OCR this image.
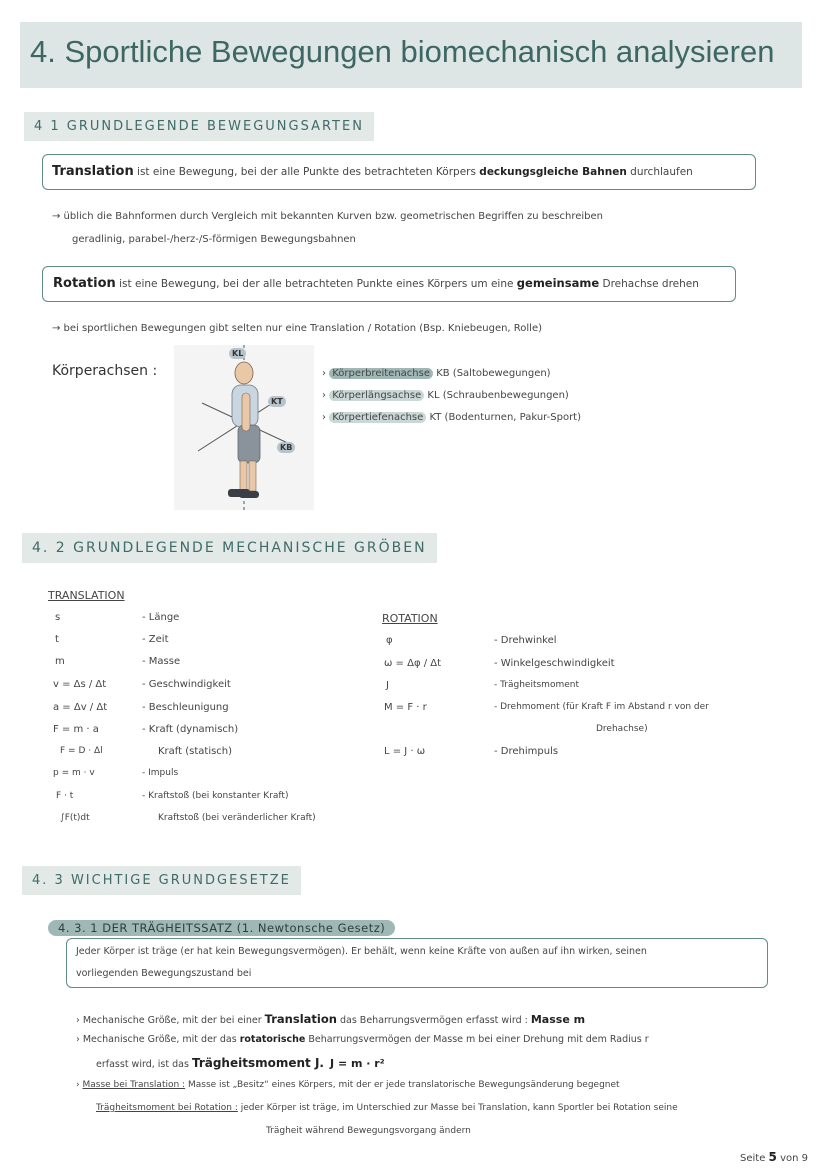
4. Sportliche Bewegungen biomechanisch analysieren
4 1 GRUNDLEGENDE BEWEGUNGSARTEN
Translation ist eine Bewegung, bei der alle Punkte des betrachteten Körpers deckungsgleiche Bahnen durchlaufen
→ üblich die Bahnformen durch Vergleich mit bekannten Kurven bzw. geometrischen Begriffen zu beschreiben
geradlinig, parabel-/herz-/S-förmigen Bewegungsbahnen
Rotation ist eine Bewegung, bei der alle betrachteten Punkte eines Körpers um eine gemeinsame Drehachse drehen
→ bei sportlichen Bewegungen gibt selten nur eine Translation / Rotation (Bsp. Kniebeugen, Rolle)
Körperachsen :
KL
KT
KB
› Körperbreitenachse KB (Saltobewegungen)
› Körperlängsachse KL (Schraubenbewegungen)
› Körpertiefenachse KT (Bodenturnen, Pakur-Sport)
4. 2 GRUNDLEGENDE MECHANISCHE GRÖBEN
TRANSLATION
s	- Länge
t	- Zeit
m	- Masse
v = Δs / Δt	- Geschwindigkeit
a = Δv / Δt	- Beschleunigung
F = m · a	- Kraft (dynamisch)
F = D · Δl	Kraft (statisch)
p = m · v	- Impuls
F · t	- Kraftstoß (bei konstanter Kraft)
∫F(t)dt	Kraftstoß (bei veränderlicher Kraft)
ROTATION
φ	- Drehwinkel
ω = Δφ / Δt	- Winkelgeschwindigkeit
J	- Trägheitsmoment
M = F · r	- Drehmoment (für Kraft F im Abstand r von der
Drehachse)
L = J · ω	- Drehimpuls
4. 3 WICHTIGE GRUNDGESETZE
4. 3. 1 DER TRÄGHEITSSATZ (1. Newtonsche Gesetz)
Jeder Körper ist träge (er hat kein Bewegungsvermögen). Er behält, wenn keine Kräfte von außen auf ihn wirken, seinen
vorliegenden Bewegungszustand bei
› Mechanische Größe, mit der bei einer Translation das Beharrungsvermögen erfasst wird : Masse m
› Mechanische Größe, mit der das rotatorische Beharrungsvermögen der Masse m bei einer Drehung mit dem Radius r
erfasst wird, ist das Trägheitsmoment J. J = m · r²
› Masse bei Translation : Masse ist „Besitz“ eines Körpers, mit der er jede translatorische Bewegungsänderung begegnet
Trägheitsmoment bei Rotation : jeder Körper ist träge, im Unterschied zur Masse bei Translation, kann Sportler bei Rotation seine
Trägheit während Bewegungsvorgang ändern
Seite 5 von 9
